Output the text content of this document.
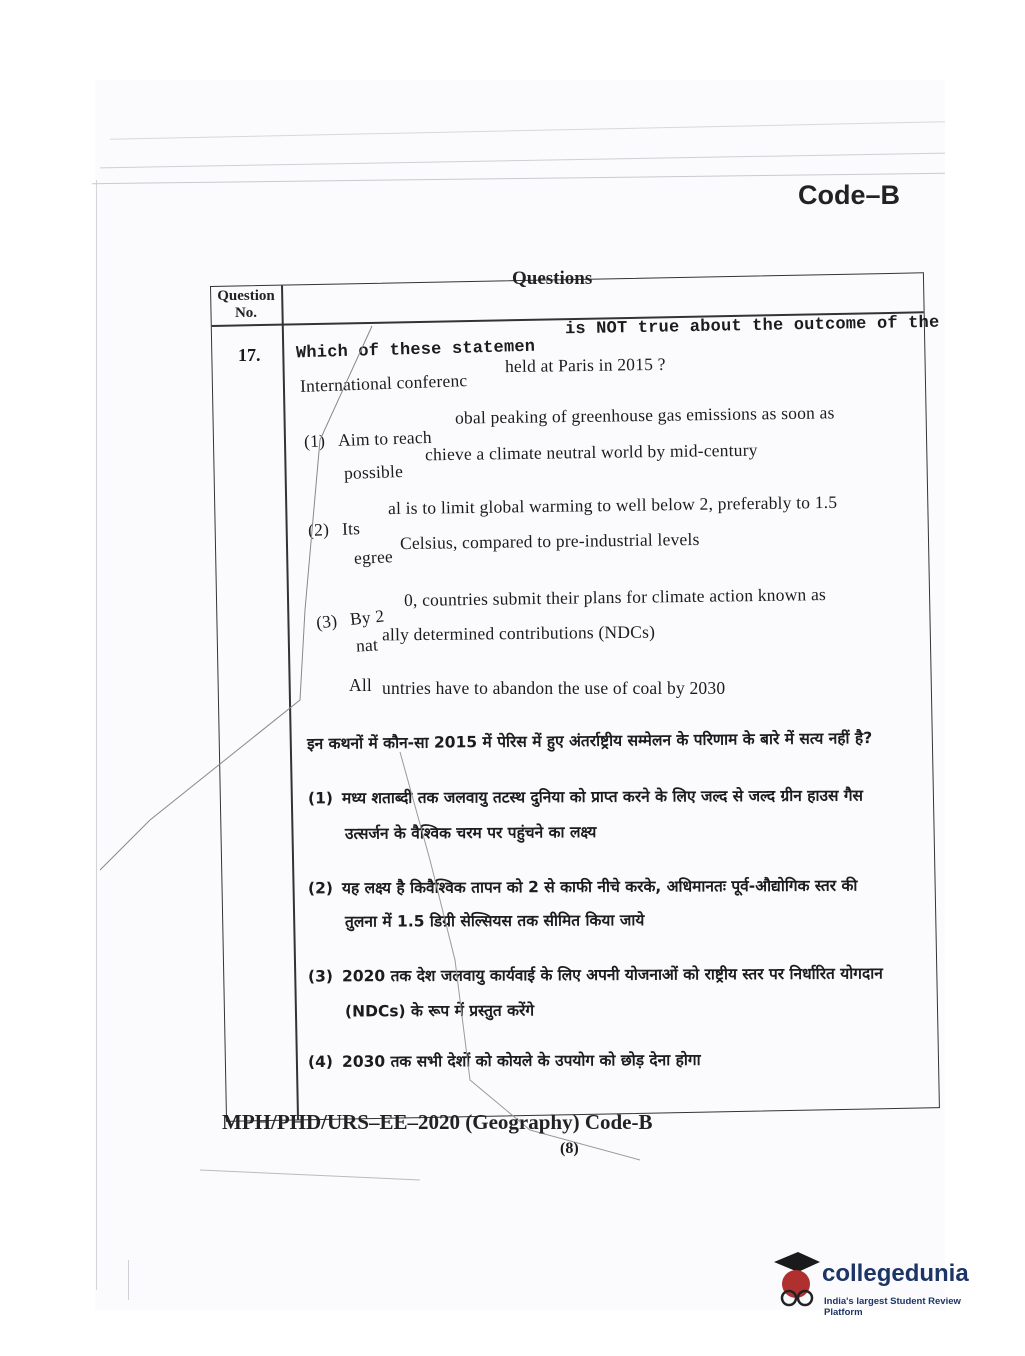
Code–B
Question No.
Questions
17. Which of these statemen
is NOT true about the outcome of the
International conferenc
held at Paris in 2015 ?
(1) Aim to reach
obal peaking of greenhouse gas emissions as soon as
possible
chieve a climate neutral world by mid-century
(2) Its
al is to limit global warming to well below 2, preferably to 1.5
egree
Celsius, compared to pre-industrial levels
(3) By 2
0, countries submit their plans for climate action known as
nat
ally determined contributions (NDCs)
All untries have to abandon the use of coal by 2030
इन कथनों में कौन-सा 2015 में पेरिस में हुए अंतर्राष्ट्रीय सम्मेलन के परिणाम के बारे में सत्य नहीं है?
(1) मध्य शताब्दी तक जलवायु तटस्थ दुनिया को प्राप्त करने के लिए जल्द से जल्द ग्रीन हाउस गैस
उत्सर्जन के वैश्विक चरम पर पहुंचने का लक्ष्य
(2) यह लक्ष्य है किवैश्विक तापन को 2 से काफी नीचे करके, अधिमानतः पूर्व-औद्योगिक स्तर की
तुलना में 1.5 डिग्री सेल्सियस तक सीमित किया जाये
(3) 2020 तक देश जलवायु कार्यवाई के लिए अपनी योजनाओं को राष्ट्रीय स्तर पर निर्धारित योगदान
(NDCs) के रूप में प्रस्तुत करेंगे
(4) 2030 तक सभी देशों को कोयले के उपयोग को छोड़ देना होगा
MPH/PHD/URS–EE–2020 (Geography) Code-B
(8)
collegedunia
India's largest Student Review Platform
